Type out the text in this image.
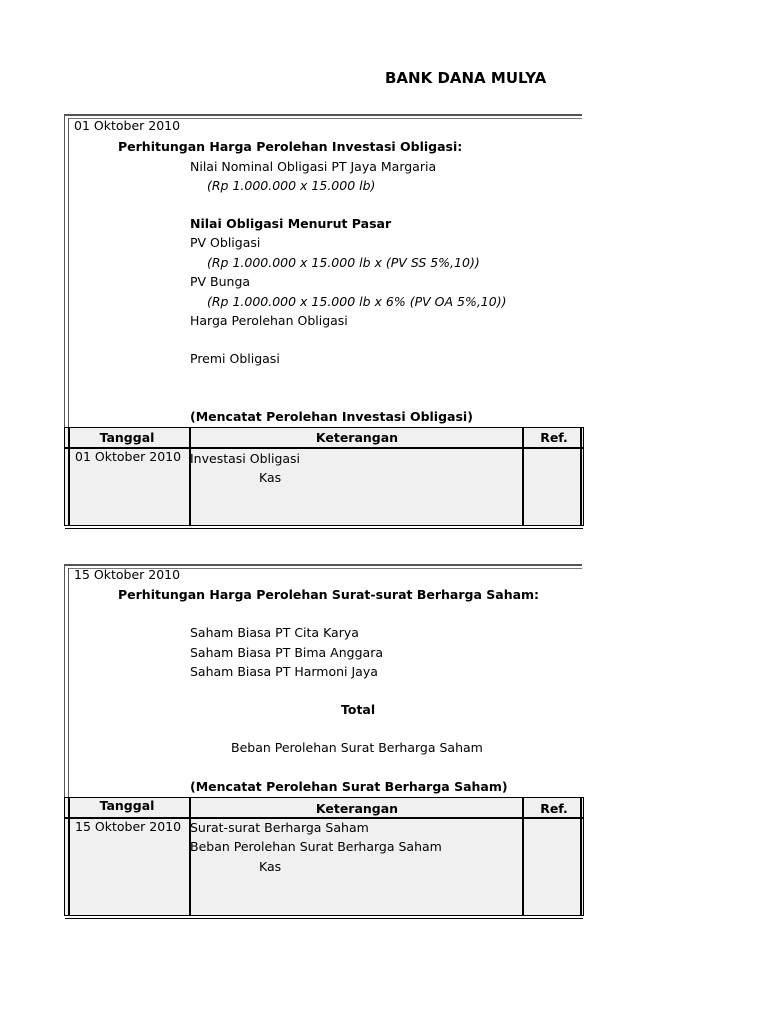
BANK DANA MULYA
01 Oktober 2010
Perhitungan Harga Perolehan Investasi Obligasi:
Nilai Nominal Obligasi PT Jaya Margaria
(Rp 1.000.000 x 15.000 lb)
Nilai Obligasi Menurut Pasar
PV Obligasi
(Rp 1.000.000 x 15.000 lb x (PV SS 5%,10))
PV Bunga
(Rp 1.000.000 x 15.000 lb x 6% (PV OA 5%,10))
Harga Perolehan Obligasi
Premi Obligasi
(Mencatat Perolehan Investasi Obligasi)
Tanggal	Keterangan	Ref.
01 Oktober 2010 Investasi Obligasi
Kas
15 Oktober 2010
Perhitungan Harga Perolehan Surat-surat Berharga Saham:
Saham Biasa PT Cita Karya
Saham Biasa PT Bima Anggara
Saham Biasa PT Harmoni Jaya
Total
Beban Perolehan Surat Berharga Saham
(Mencatat Perolehan Surat Berharga Saham)
Tanggal	Keterangan	Ref.
15 Oktober 2010 Surat-surat Berharga Saham
Beban Perolehan Surat Berharga Saham
Kas
